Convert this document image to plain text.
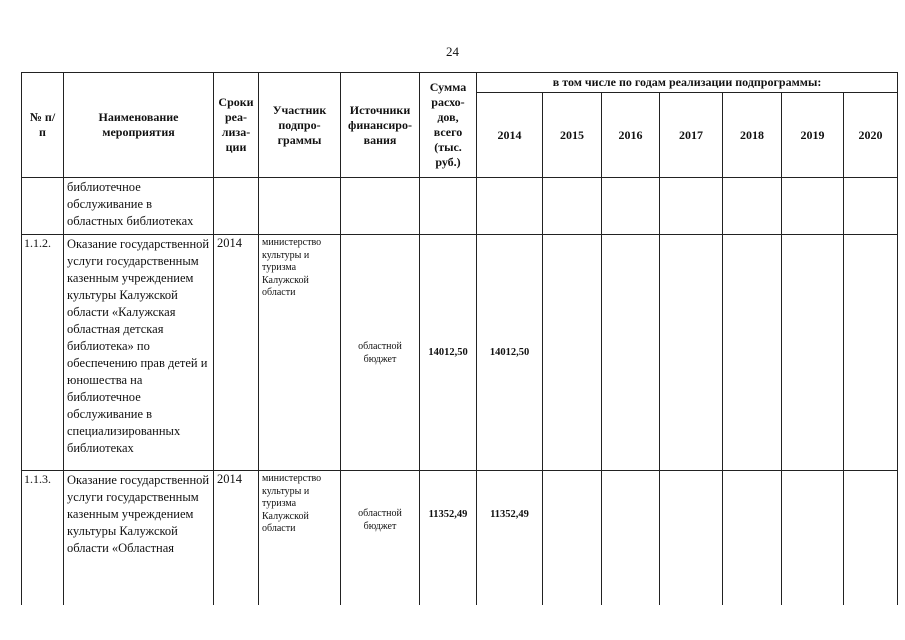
24
№ п/п	Наименование мероприятия	Сроки реа-лиза-ции	Участник подпро-граммы	Источники финансиро-вания	Сумма расхо-дов, всего (тыс. руб.)	в том числе по годам реализации подпрограммы:						
						2014	2015	2016	2017	2018	2019	2020
	библиотечное обслуживание в областных библиотеках											
1.1.2.	Оказание государственной услуги государственным казенным учреждением культуры Калужской области «Калужская областная детская библиотека» по обеспечению прав детей и юношества на библиотечное обслуживание в специализированных библиотеках	2014	министерство культуры и туризма Калужской области	областной бюджет	14012,50	14012,50						
1.1.3.	Оказание государственной услуги государственным казенным учреждением культуры Калужской области «Областная	2014	министерство культуры и туризма Калужской области	областной бюджет	11352,49	11352,49						
